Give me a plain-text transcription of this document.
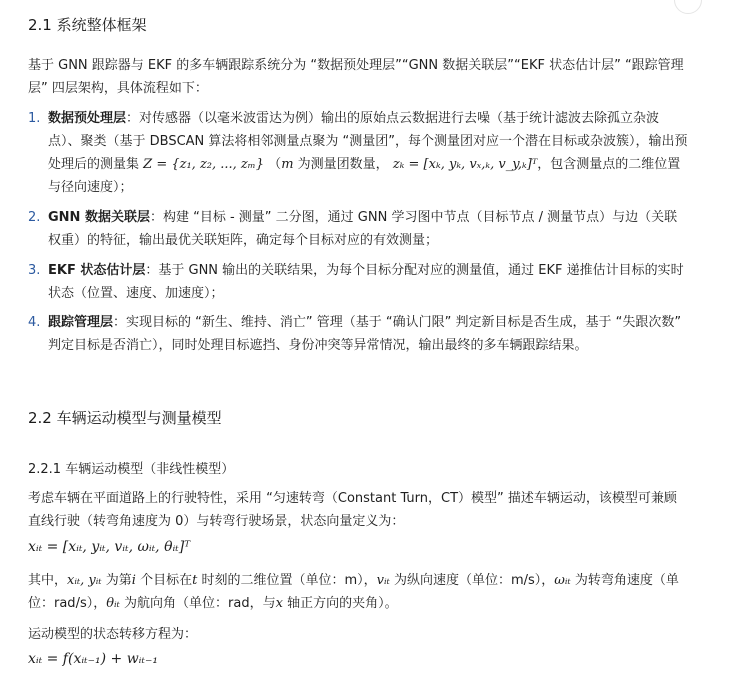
2.1 系统整体框架
基于 GNN 跟踪器与 EKF 的多车辆跟踪系统分为 “数据预处理层”“GNN 数据关联层”“EKF 状态估计层” “跟踪管理层” 四层架构，具体流程如下：
1. 数据预处理层：对传感器（以毫米波雷达为例）输出的原始点云数据进行去噪（基于统计滤波去除孤立杂波点）、聚类（基于 DBSCAN 算法将相邻测量点聚为 “测量团”，每个测量团对应一个潜在目标或杂波簇），输出预处理后的测量集 Z = {z₁, z₂, ..., zₘ} （m 为测量团数量， zₖ = [xₖ, yₖ, vₓ,ₖ, v_y,ₖ]ᵀ，包含测量点的二维位置与径向速度）；
2. GNN 数据关联层：构建 “目标 - 测量” 二分图，通过 GNN 学习图中节点（目标节点 / 测量节点）与边（关联权重）的特征，输出最优关联矩阵，确定每个目标对应的有效测量；
3. EKF 状态估计层：基于 GNN 输出的关联结果，为每个目标分配对应的测量值，通过 EKF 递推估计目标的实时状态（位置、速度、加速度）；
4. 跟踪管理层：实现目标的 “新生、维持、消亡” 管理（基于 “确认门限” 判定新目标是否生成，基于 “失跟次数” 判定目标是否消亡），同时处理目标遮挡、身份冲突等异常情况，输出最终的多车辆跟踪结果。
2.2 车辆运动模型与测量模型
2.2.1 车辆运动模型（非线性模型）
考虑车辆在平面道路上的行驶特性，采用 “匀速转弯（Constant Turn，CT）模型” 描述车辆运动，该模型可兼顾直线行驶（转弯角速度为 0）与转弯行驶场景，状态向量定义为：
xᵢₜ = [xᵢₜ, yᵢₜ, vᵢₜ, ωᵢₜ, θᵢₜ]ᵀ
其中，xᵢₜ, yᵢₜ 为第i 个目标在t 时刻的二维位置（单位：m），vᵢₜ 为纵向速度（单位：m/s），ωᵢₜ 为转弯角速度（单位：rad/s），θᵢₜ 为航向角（单位：rad，与x 轴正方向的夹角）。
运动模型的状态转移方程为：
xᵢₜ = f(xᵢₜ₋₁) + wᵢₜ₋₁
